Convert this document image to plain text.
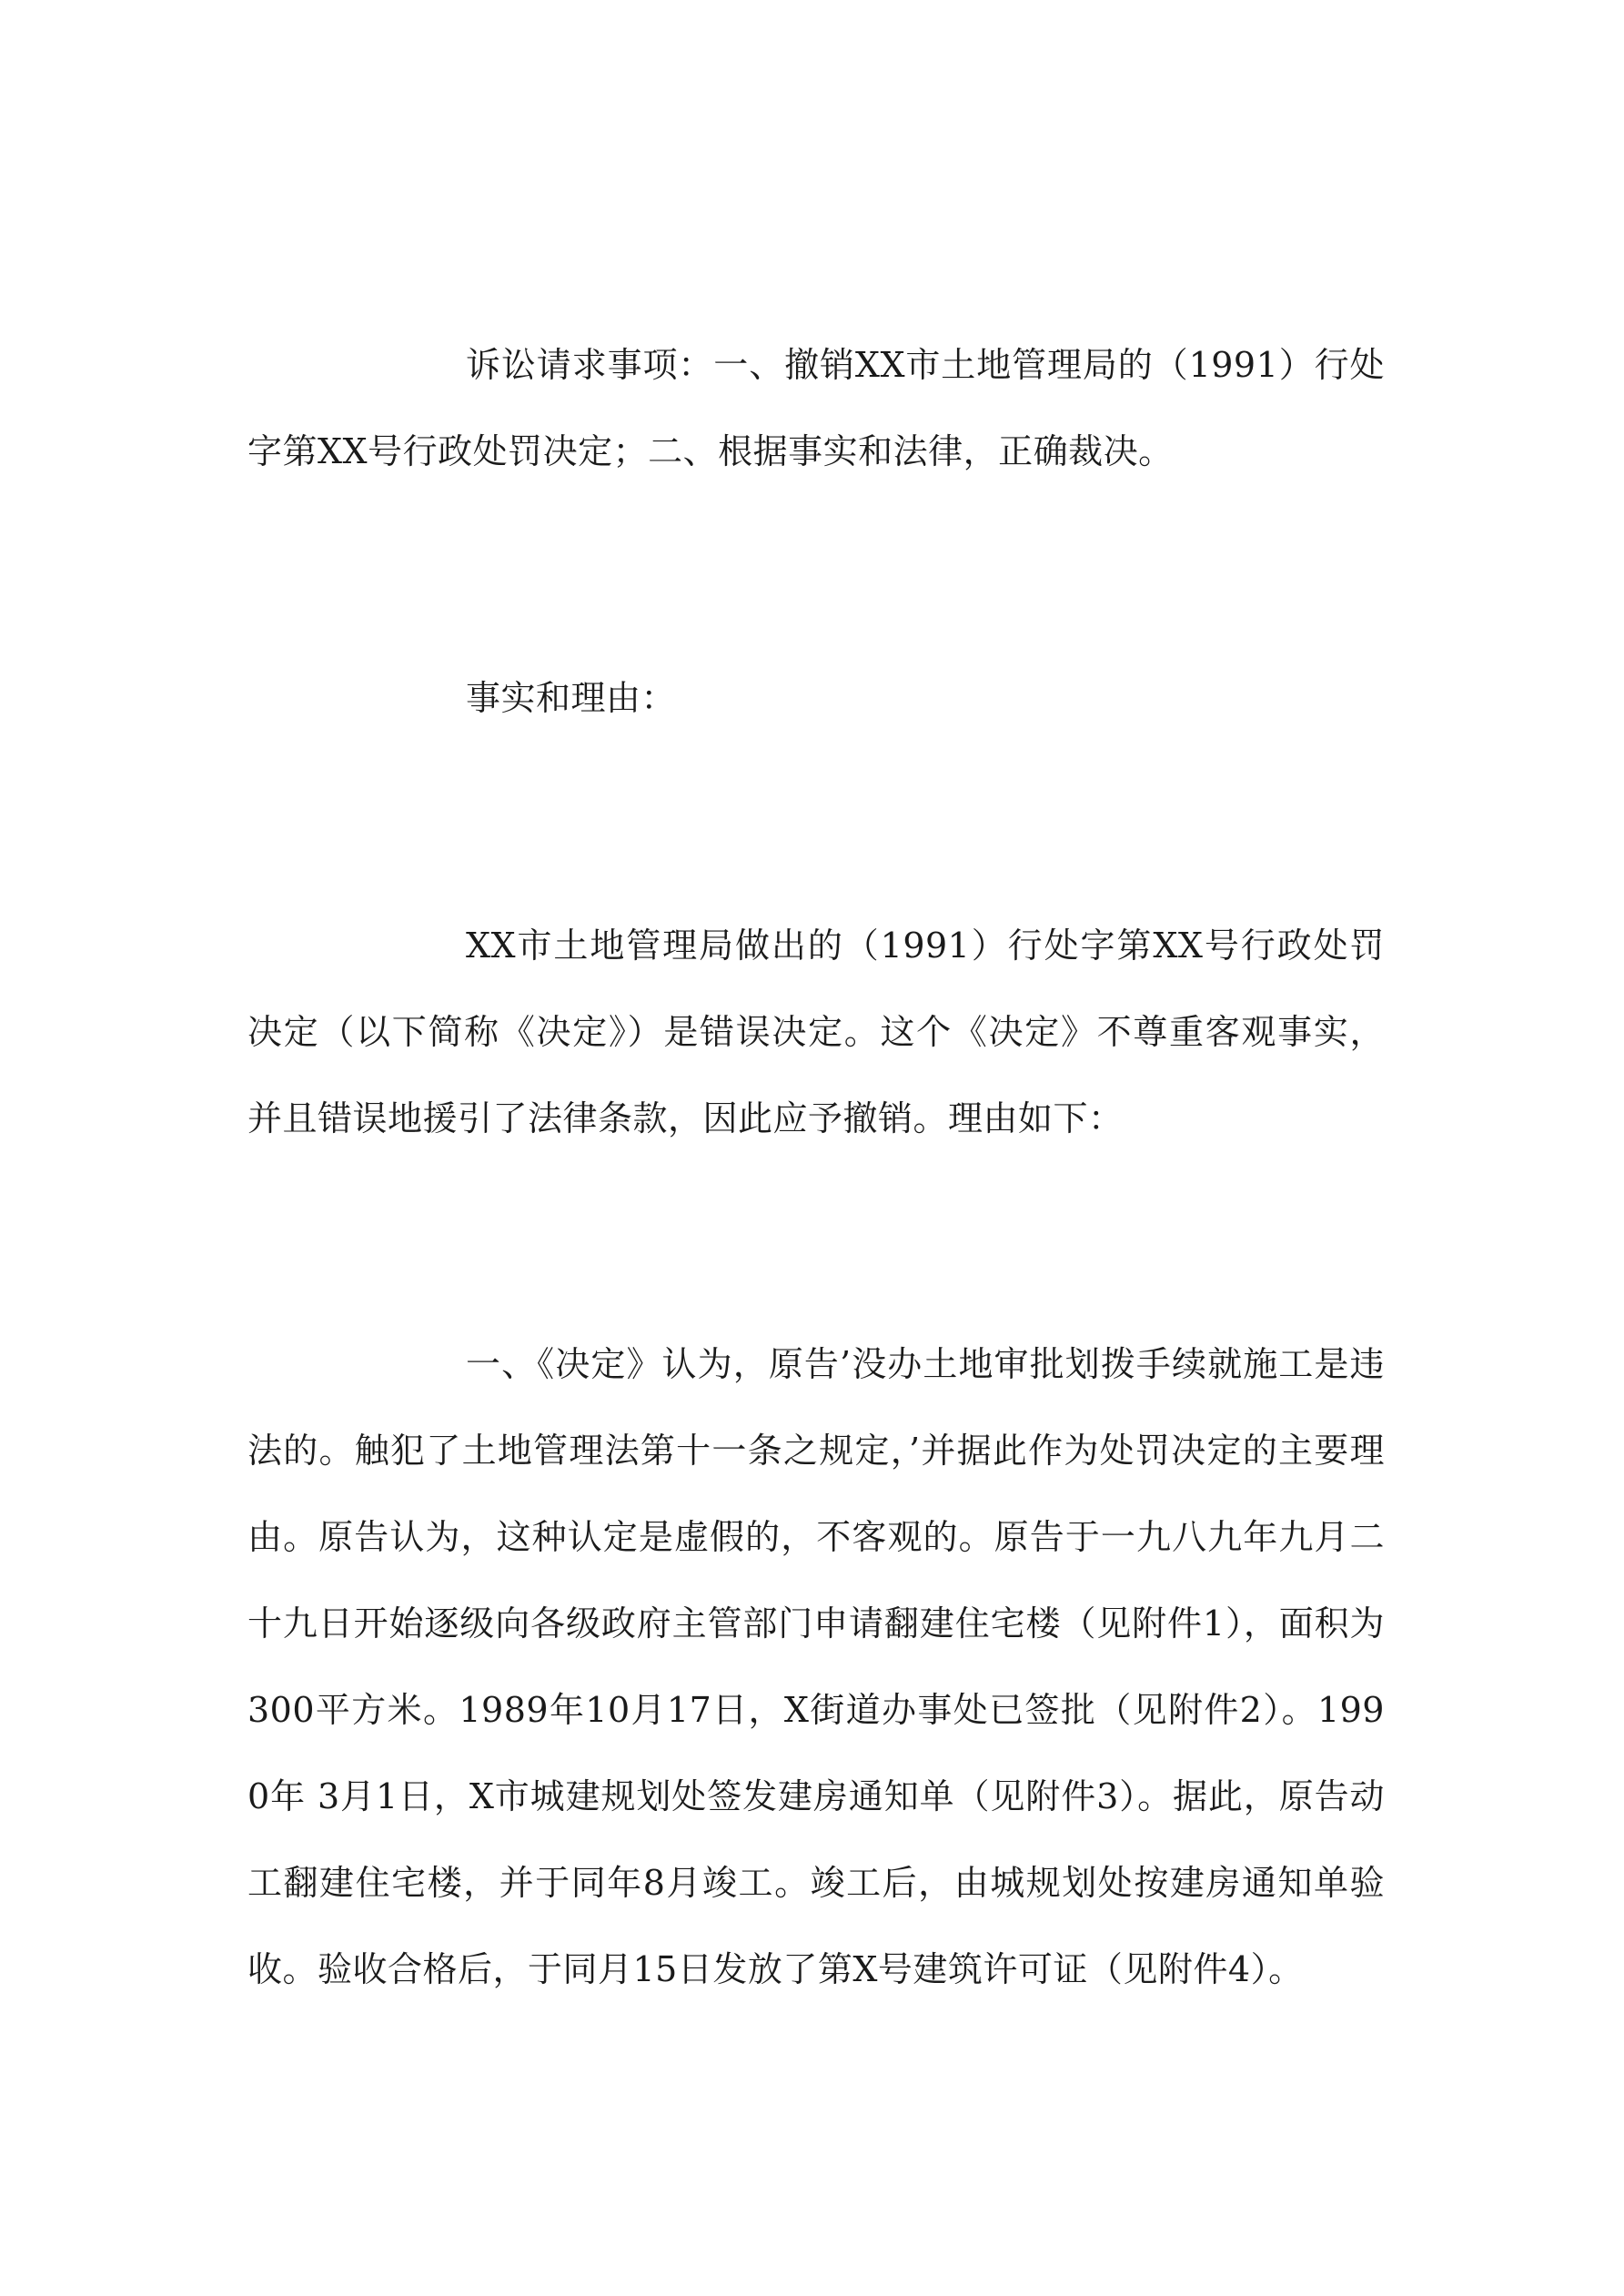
诉讼请求事项：一、撤销XX市土地管理局的（1991）行处字第XX号行政处罚决定；二、根据事实和法律，正确裁决。

事实和理由：

XX市土地管理局做出的（1991）行处字第XX号行政处罚决定（以下简称《决定》）是错误决定。这个《决定》不尊重客观事实，并且错误地援引了法律条款，因此应予撤销。理由如下：

一、《决定》认为，原告’没办土地审批划拨手续就施工是违法的。触犯了土地管理法第十一条之规定，’并据此作为处罚决定的主要理由。原告认为，这种认定是虚假的，不客观的。原告于一九八九年九月二十九日开始逐级向各级政府主管部门申请翻建住宅楼（见附件1），面积为 300平方米。1989年10月17日，X街道办事处已签批（见附件2）。1990年 3月1日，X市城建规划处签发建房通知单（见附件3）。据此，原告动工翻建住宅楼，并于同年8月竣工。竣工后，由城规划处按建房通知单验收。验收合格后，于同月15日发放了第X号建筑许可证（见附件4）。
